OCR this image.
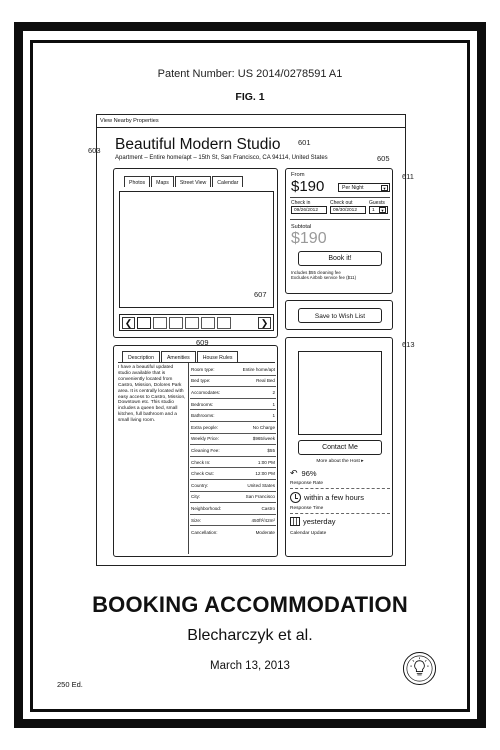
Patent Number: US 2014/0278591 A1
FIG. 1
View Nearby Properties
Beautiful Modern Studio
Apartment – Entire home/apt – 15th St, San Francisco, CA 94114, United States
Photos	Maps	Street View	Calendar
❮	❯
From
$190	Per Night	▼
Check in	Check out	Guests
09/26/2012	09/30/2012	1	▼
Subtotal
$190
Book it!
Includes $55 cleaning fee
Excludes Airbnb service fee ($11)
Save to Wish List
Description	Amenities	House Rules
I have a beautiful updated studio available that is conveniently located from Castro, Mission, Dolores Park area. It is centrally located with easy access to Castro, Mission, Downtown etc. This studio includes a queen bed, small kitchen, full bathroom and a small living room.
Room type:	Entire home/apt
Bed type:	Real Bed
Accomodates:	2
Bedrooms:	1
Bathrooms:	1
Extra people:	No Charge
Weekly Price:	$965/week
Cleaning Fee:	$55
Check In:	1:00 PM
Check Out:	12:00 PM
Country:	United States
City:	San Francisco
Neighborhood:	Castro
Size:	450ft²/42m²
Cancellation:	Moderate
Contact Me
More about the Host ▸
↶ 96%
Response Rate
within a few hours
Response Time
yesterday
Calendar Update
601
603
605
607
609
611
613
BOOKING ACCOMMODATION
Blecharczyk et al.
March 13, 2013
250 Ed.
